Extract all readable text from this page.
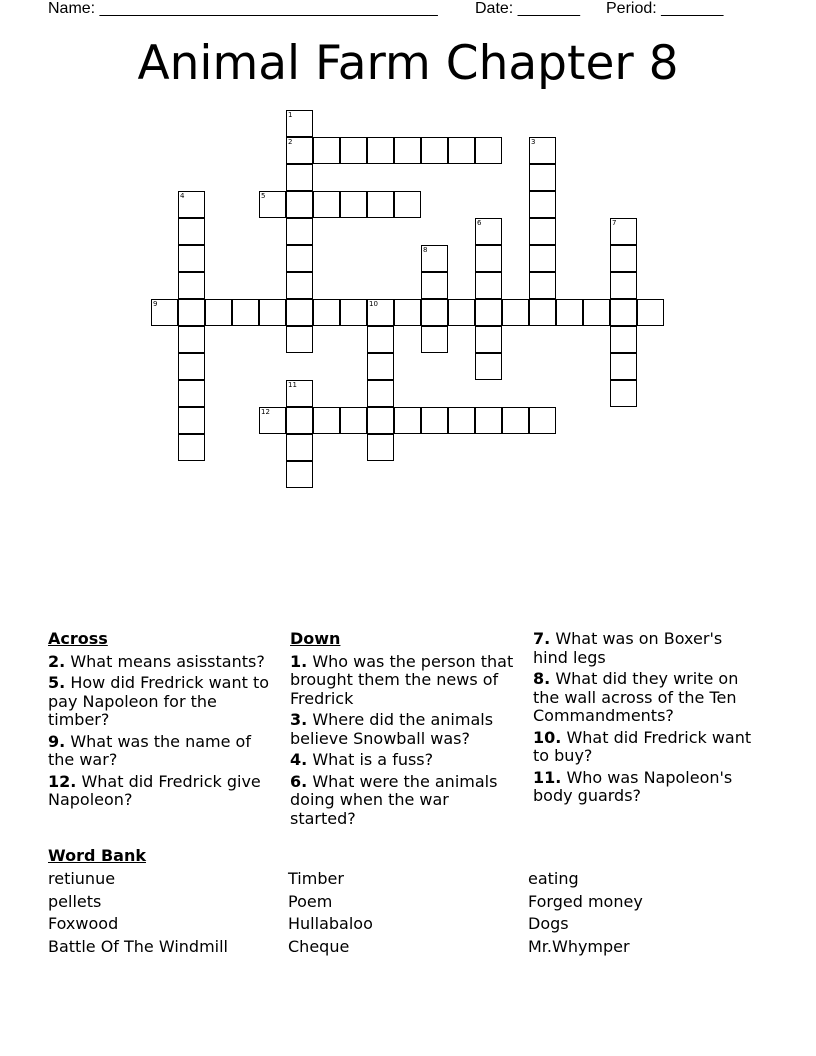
Name: ______________________________________ Date: _______ Period: _______
Animal Farm Chapter 8
1
2	3
4	5
6	7
8
9	10
11
12
Across
2. What means asisstants?
5. How did Fredrick want to pay Napoleon for the timber?
9. What was the name of the war?
12. What did Fredrick give Napoleon?
Down
1. Who was the person that brought them the news of Fredrick
3. Where did the animals believe Snowball was?
4. What is a fuss?
6. What were the animals doing when the war started?
7. What was on Boxer's hind legs
8. What did they write on the wall across of the Ten Commandments?
10. What did Fredrick want to buy?
11. Who was Napoleon's body guards?
Word Bank
retiunue
pellets
Foxwood
Battle Of The Windmill
Timber
Poem
Hullabaloo
Cheque
eating
Forged money
Dogs
Mr.Whymper
